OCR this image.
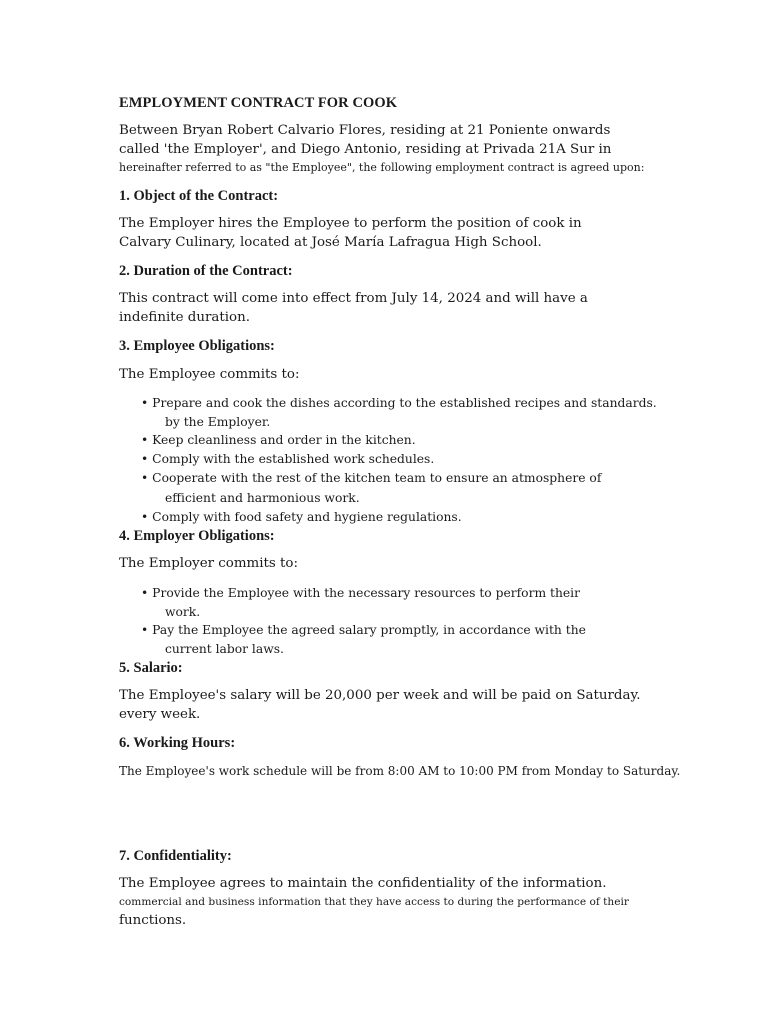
EMPLOYMENT CONTRACT FOR COOK
Between Bryan Robert Calvario Flores, residing at 21 Poniente onwards
called 'the Employer', and Diego Antonio, residing at Privada 21A Sur in
hereinafter referred to as "the Employee", the following employment contract is agreed upon:
1. Object of the Contract:
The Employer hires the Employee to perform the position of cook in
Calvary Culinary, located at José María Lafragua High School.
2. Duration of the Contract:
This contract will come into effect from July 14, 2024 and will have a
indefinite duration.
3. Employee Obligations:
The Employee commits to:
• Prepare and cook the dishes according to the established recipes and standards.
by the Employer.
• Keep cleanliness and order in the kitchen.
• Comply with the established work schedules.
• Cooperate with the rest of the kitchen team to ensure an atmosphere of
efficient and harmonious work.
• Comply with food safety and hygiene regulations.
4. Employer Obligations:
The Employer commits to:
• Provide the Employee with the necessary resources to perform their
work.
• Pay the Employee the agreed salary promptly, in accordance with the
current labor laws.
5. Salario:
The Employee's salary will be 20,000 per week and will be paid on Saturday.
every week.
6. Working Hours:
The Employee's work schedule will be from 8:00 AM to 10:00 PM from Monday to Saturday.
7. Confidentiality:
The Employee agrees to maintain the confidentiality of the information.
commercial and business information that they have access to during the performance of their
functions.
